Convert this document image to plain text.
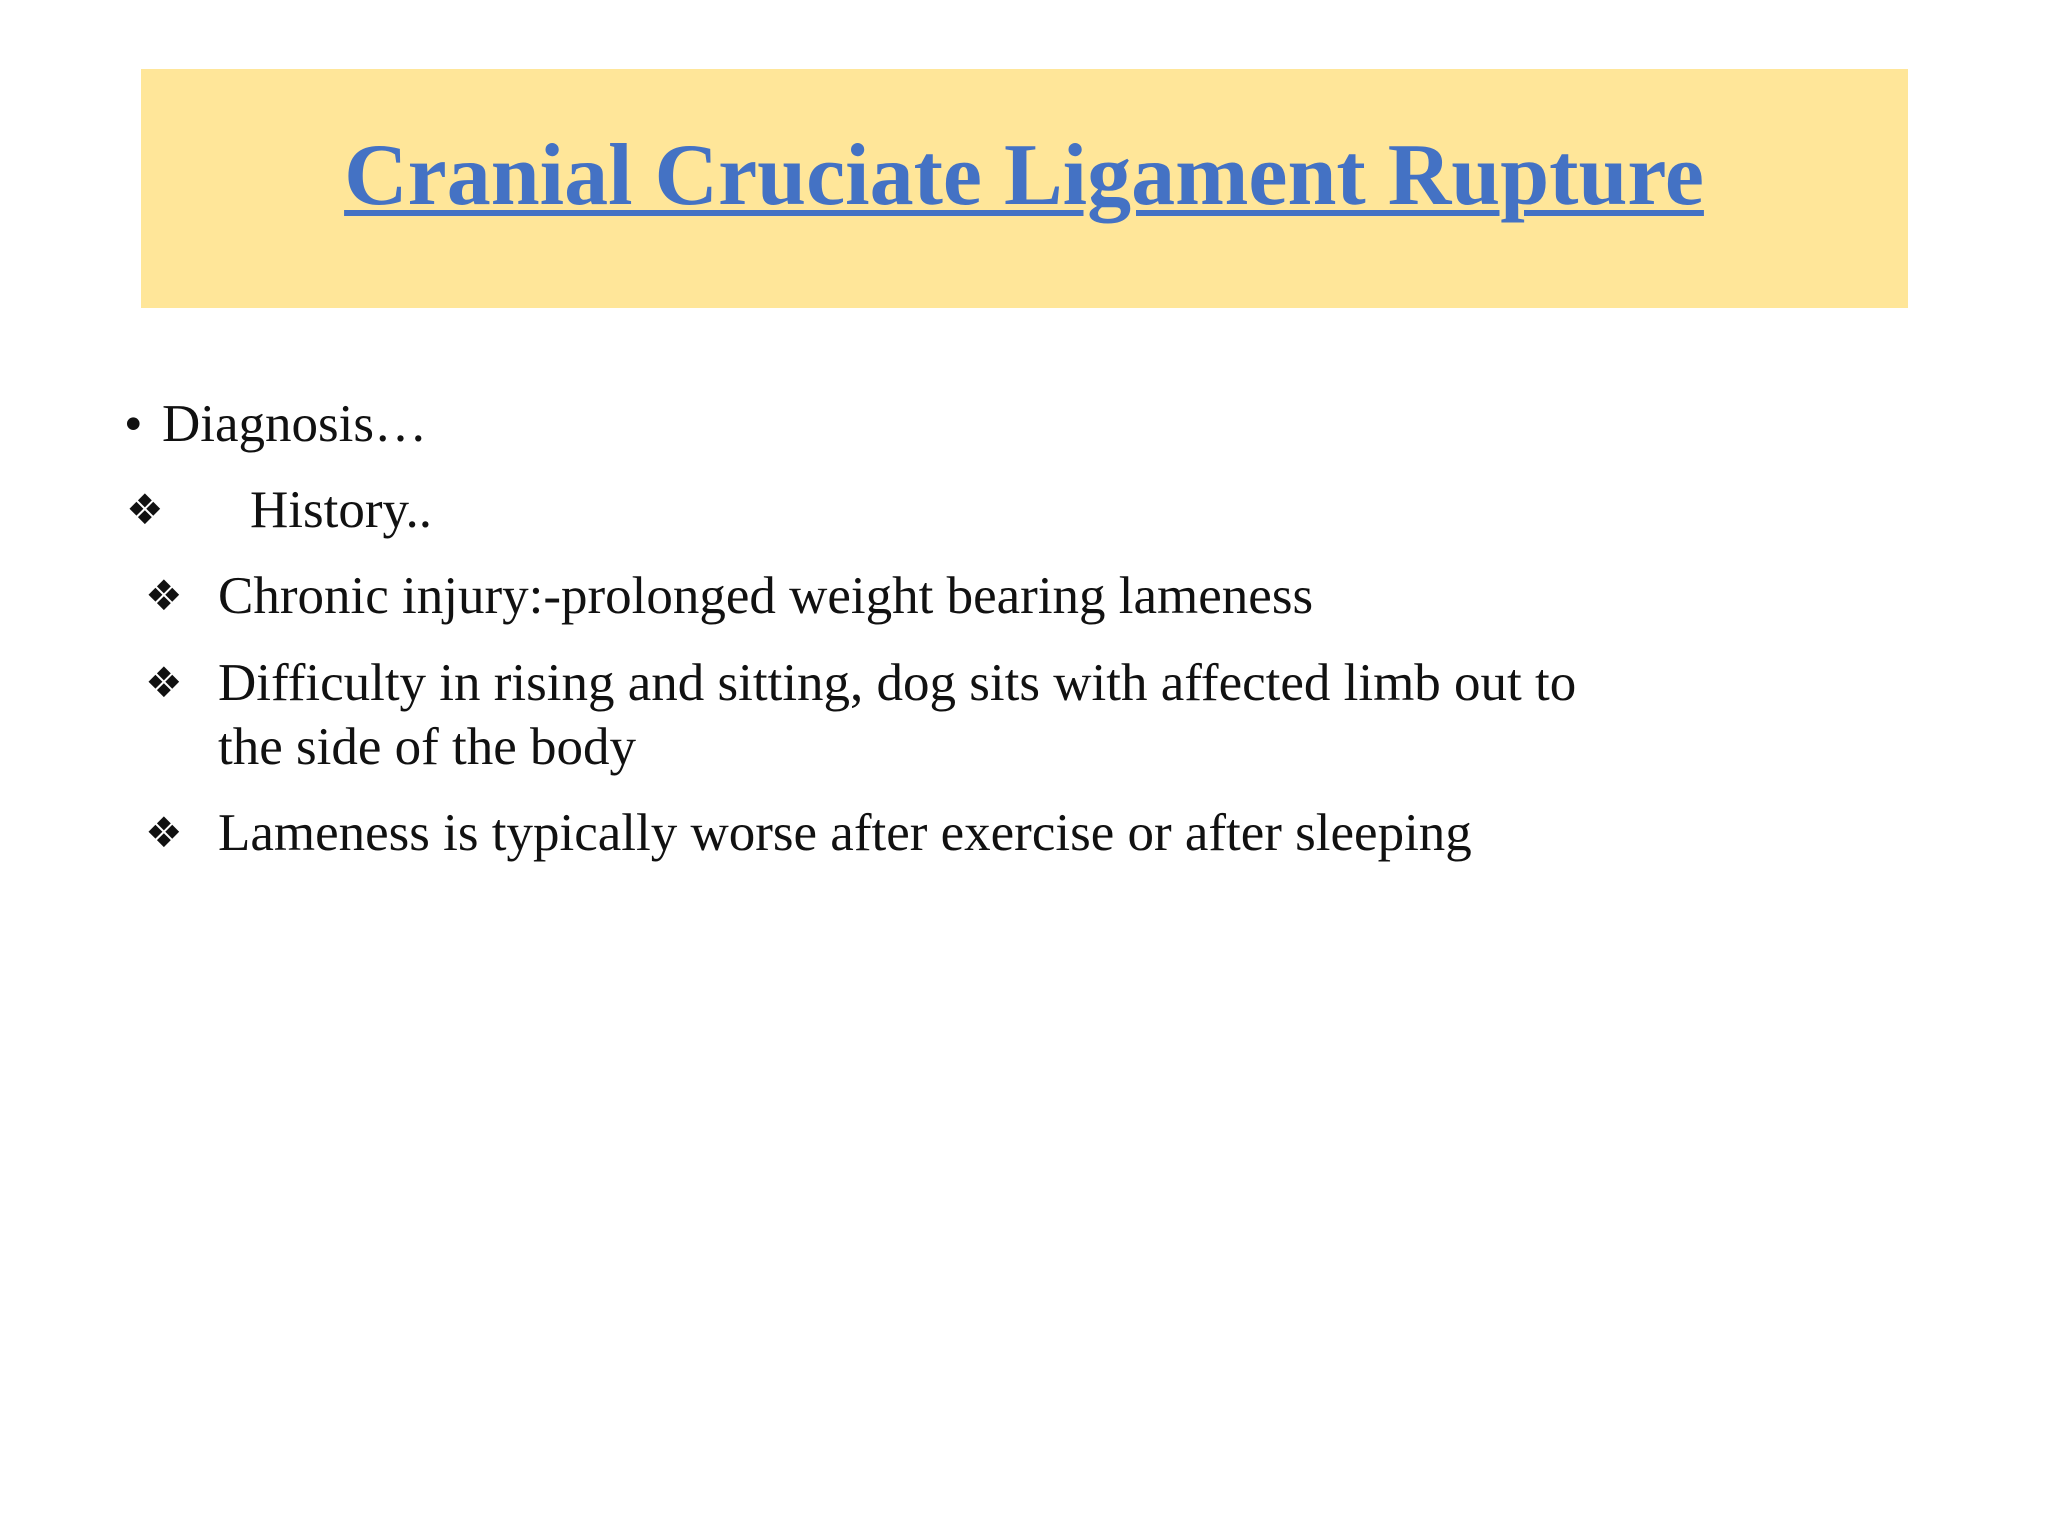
Cranial Cruciate Ligament Rupture
• Diagnosis…
❖ History..
❖ Chronic injury:-prolonged weight bearing lameness
❖ Difficulty in rising and sitting, dog sits with affected limb out to
the side of the body
❖ Lameness is typically worse after exercise or after sleeping
